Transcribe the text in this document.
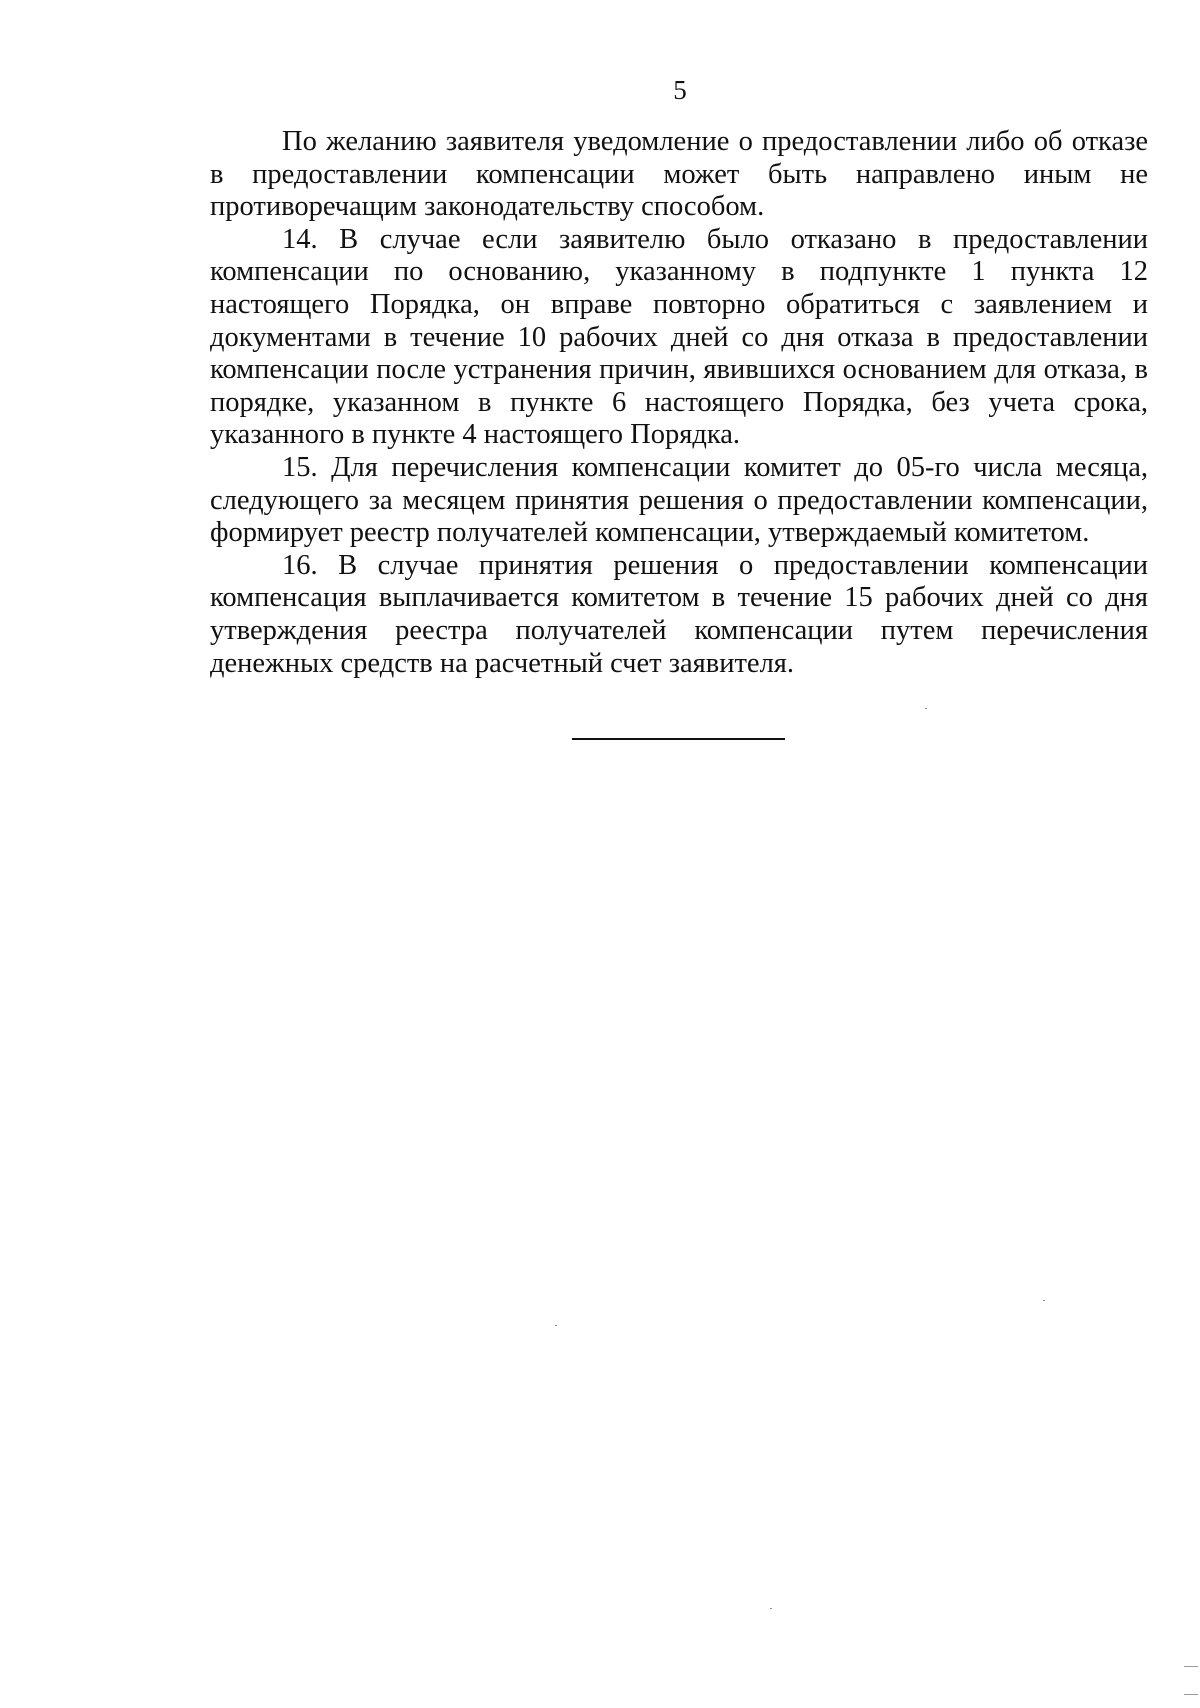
5

По желанию заявителя уведомление о предоставлении либо об отказе в предоставлении компенсации может быть направлено иным не противоречащим законодательству способом.

14. В случае если заявителю было отказано в предоставлении компенсации по основанию, указанному в подпункте 1 пункта 12 настоящего Порядка, он вправе повторно обратиться с заявлением и документами в течение 10 рабочих дней со дня отказа в предоставлении компенсации после устранения причин, явившихся основанием для отказа, в порядке, указанном в пункте 6 настоящего Порядка, без учета срока, указанного в пункте 4 настоящего Порядка.

15. Для перечисления компенсации комитет до 05-го числа месяца, следующего за месяцем принятия решения о предоставлении компенсации, формирует реестр получателей компенсации, утверждаемый комитетом.

16. В случае принятия решения о предоставлении компенсации компенсация выплачивается комитетом в течение 15 рабочих дней со дня утверждения реестра получателей компенсации путем перечисления денежных средств на расчетный счет заявителя.
